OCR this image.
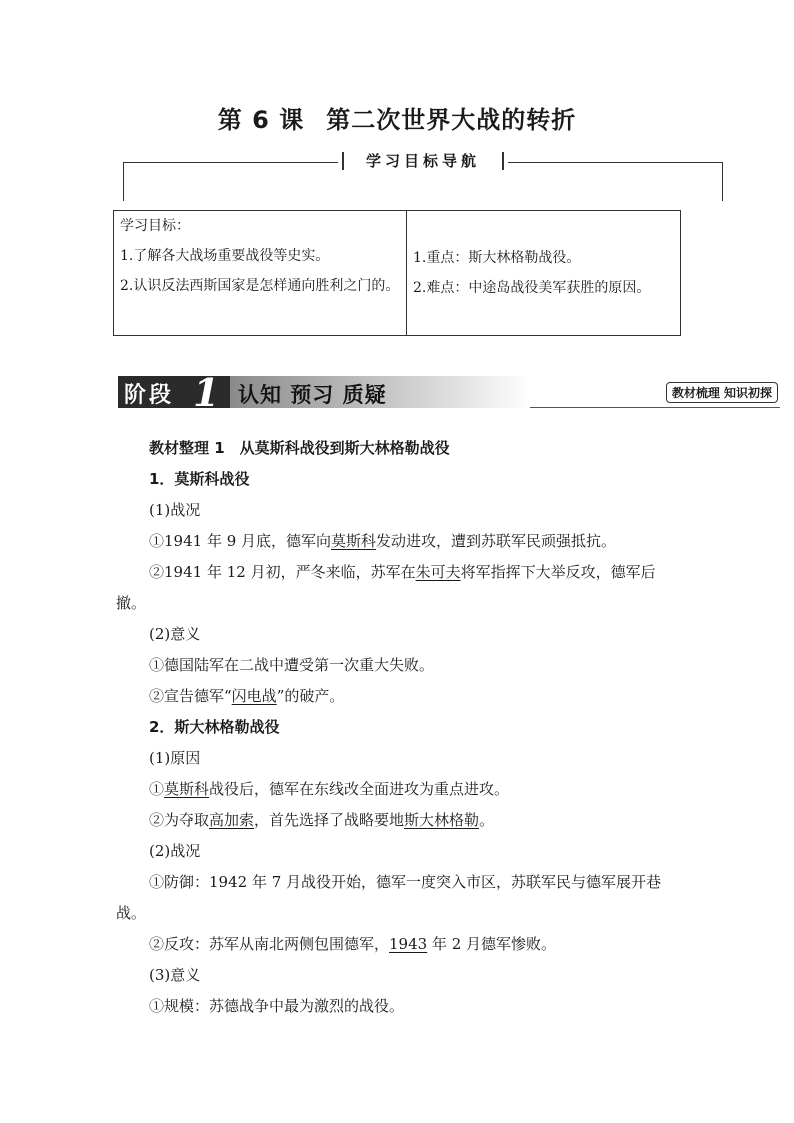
第 6 课 第二次世界大战的转折
学习目标导航
学习目标：
1.了解各大战场重要战役等史实。
2.认识反法西斯国家是怎样通向胜利之门的。

1.重点：斯大林格勒战役。
2.难点：中途岛战役美军获胜的原因。
阶段 1 认知 预习 质疑	教材梳理 知识初探

教材整理 1　从莫斯科战役到斯大林格勒战役

1．莫斯科战役

(1)战况

①1941 年 9 月底，德军向莫斯科发动进攻，遭到苏联军民顽强抵抗。

②1941 年 12 月初，严冬来临，苏军在朱可夫将军指挥下大举反攻，德军后撤。

(2)意义

①德国陆军在二战中遭受第一次重大失败。

②宣告德军“闪电战”的破产。

2．斯大林格勒战役

(1)原因

①莫斯科战役后，德军在东线改全面进攻为重点进攻。

②为夺取高加索，首先选择了战略要地斯大林格勒。

(2)战况

①防御：1942 年 7 月战役开始，德军一度突入市区，苏联军民与德军展开巷战。

②反攻：苏军从南北两侧包围德军，1943 年 2 月德军惨败。

(3)意义

①规模：苏德战争中最为激烈的战役。
